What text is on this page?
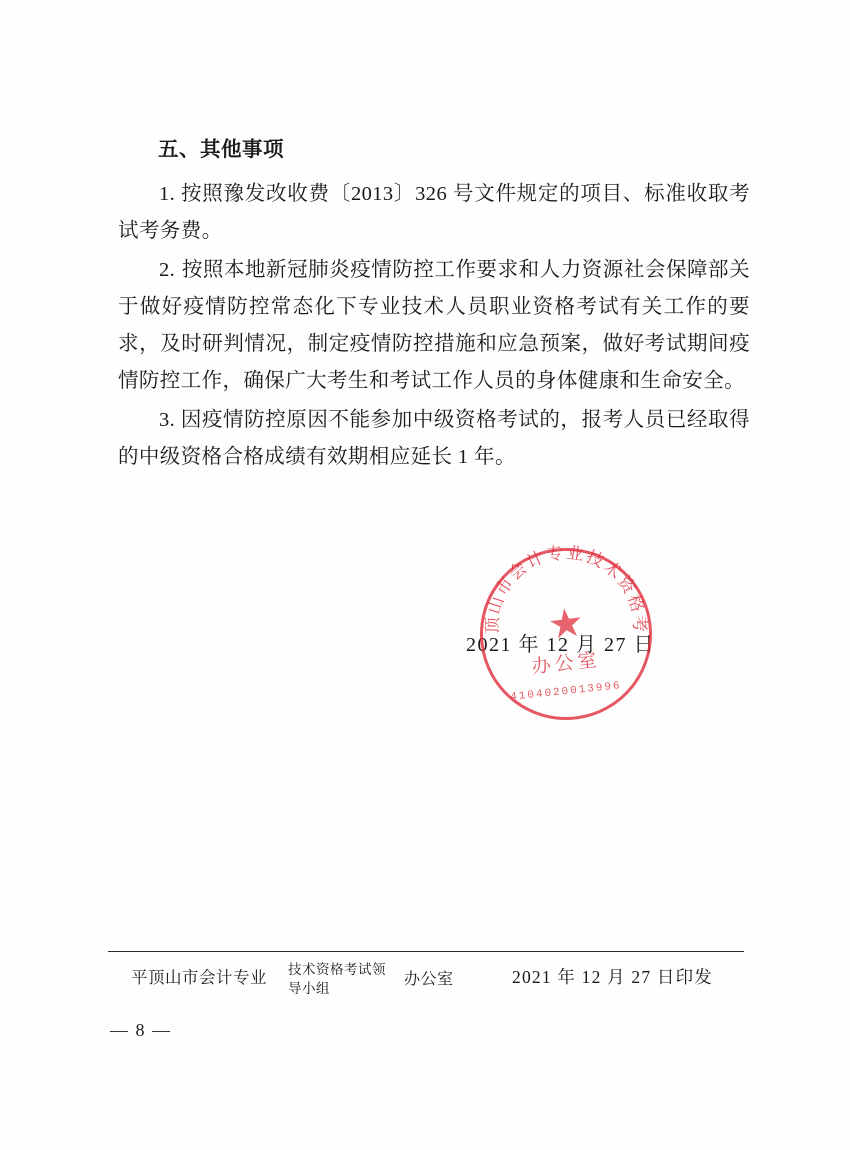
五、其他事项

1. 按照豫发改收费〔2013〕326 号文件规定的项目、标准收取考试考务费。

2. 按照本地新冠肺炎疫情防控工作要求和人力资源社会保障部关于做好疫情防控常态化下专业技术人员职业资格考试有关工作的要求，及时研判情况，制定疫情防控措施和应急预案，做好考试期间疫情防控工作，确保广大考生和考试工作人员的身体健康和生命安全。

3. 因疫情防控原因不能参加中级资格考试的，报考人员已经取得的中级资格合格成绩有效期相应延长 1 年。

2021 年 12 月 27 日
平顶山市会计专业技术资格考试
★
办公室
4104020013996
平顶山市会计专业 技术资格考试领导小组
办公室	2021 年 12 月 27 日印发
— 8 —
